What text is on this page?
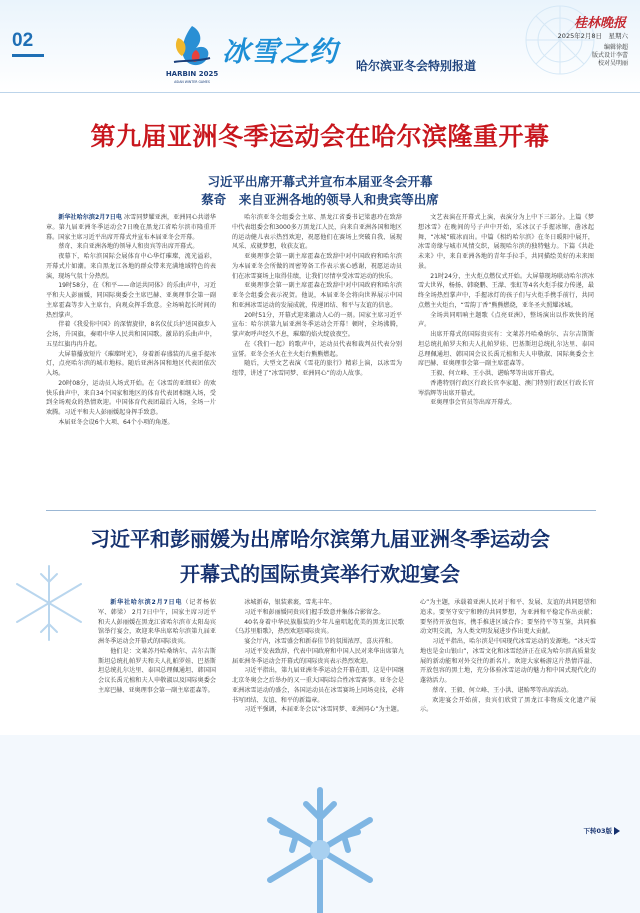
02
HARBIN 2025
ASIAN WINTER GAMES
冰雪之约 哈尔滨亚冬会特别报道
桂林晚报
2025年2月8日　星期六
编辑徐超
版式设计李蕾
校对吴明丽
第九届亚洲冬季运动会在哈尔滨隆重开幕
习近平出席开幕式并宣布本届亚冬会开幕
蔡奇　来自亚洲各地的领导人和贵宾等出席

新华社哈尔滨2月7日电 冰雪同梦耀亚洲，亚洲同心共谱华章。第九届亚洲冬季运动会7日晚在黑龙江省哈尔滨市隆重开幕。国家主席习近平出席开幕式并宣布本届亚冬会开幕。

蔡奇、来自亚洲各地的领导人和贵宾等出席开幕式。

夜幕下，哈尔滨国际会展体育中心华灯璀璨，流光溢彩，开幕式片如潮。来自黑龙江各地的群众带来充满地域特色的表演，现场气氛十分热烈。

19时58分，在《和平——命运共同体》的乐曲声中，习近平和夫人彭丽媛，同国际奥委会主席巴赫、亚奥理事会第一副主席霍森等步入主席台，向观众挥手致意。全场响起长时间的热烈掌声。

伴着《我爱你中国》的深情旋律，8名仪仗兵护送国旗步入会场，升国旗，奏唱中华人民共和国国歌。激昂的乐曲声中，五星红旗冉冉升起。

大屏幕播放短片《璀璨时光》，身着新春盛装的儿童手提冰灯，点亮哈尔滨的城市地标。随后亚洲各国和地区代表团依次入场。

20时08分，运动员入场式开始。在《冰雪的亚细亚》的欢快乐曲声中，来自34个国家和地区的体育代表团相继入场，受到全场观众的热情欢迎。中国体育代表团最后入场，全场一片欢腾。习近平和夫人彭丽媛起身挥手致意。

本届亚冬会设6个大项、64个小项的角逐。

哈尔滨亚冬会组委会主席、黑龙江省委书记梁惠玲在致辞中代表组委会和3000多万黑龙江人民，向来自亚洲各国和地区的运动健儿表示热烈欢迎，祝愿他们在赛场上突破自我、展现风采、成就梦想，收获友谊。

亚奥理事会第一副主席霍森在致辞中对中国政府和哈尔滨为本届亚冬会所做的周密筹备工作表示衷心感谢，祝愿运动员们在冰雪赛场上取得佳绩，让我们尽情享受冰雪运动的快乐。

亚奥理事会第一副主席霍森在致辞中对中国政府和哈尔滨亚冬会组委会表示祝贺。他说，本届亚冬会将向世界展示中国和亚洲冰雪运动的发展成就，传递团结、和平与友谊的信息。

20时51分，开幕式迎来激动人心的一刻。国家主席习近平宣布：哈尔滨第九届亚洲冬季运动会开幕！顿时，全场沸腾，掌声欢呼声经久不息，璀璨的焰火绽放夜空。

在《我们一起》的歌声中，运动员代表和裁判员代表分别宣誓。亚冬会圣火在主火炬台熊熊燃起。

随后，大型文艺表演《雪花的旅行》精彩上演，以冰雪为纽带，讲述了“冰雪同梦、亚洲同心”的动人故事。

文艺表演在开幕式上演，表演分为上中下三部分。上篇《梦想冰雪》在晚间的号子声中开始，采冰汉子手握冰镩，凿冰起舞，“冰城”破冰而出。中篇《相约哈尔滨》在冬日暖阳中展开，冰雪奇缘与城市风情交织，展现哈尔滨的独特魅力。下篇《共赴未来》中，来自亚洲各地的青年手拉手，共同描绘美好的未来图景。

21时24分，主火炬点燃仪式开始。大屏幕现场联动哈尔滨冰雪大世界，杨扬、韩晓鹏、王濛、张虹等4名火炬手接力传递，最终全场热烈掌声中，手握冰灯的孩子们与火炬手携手前行，共同点燃主火炬台，“雪韵丁香”熊熊燃烧，亚冬圣火照耀冰城。

全场共同唱响主题歌《点亮亚洲》，整场演出以作欢快的尾声。

出席开幕式的国际贵宾有：文莱苏丹哈桑纳尔、吉尔吉斯斯坦总统扎帕罗夫和夫人扎帕罗娃、巴基斯坦总统扎尔达里、泰国总理佩通坦、韩国国会议长禹元植和夫人申敬淑、国际奥委会主席巴赫、亚奥理事会第一副主席霍森等。

王毅、何立峰、王小洪、谌贻琴等出席开幕式。

香港特别行政区行政长官李家超、澳门特别行政区行政长官岑浩辉等出席开幕式。

亚奥理事会官员等出席开幕式。

习近平和彭丽媛为出席哈尔滨第九届亚洲冬季运动会
开幕式的国际贵宾举行欢迎宴会

新华社哈尔滨2月7日电（记者杨依军、韩梁） 2月7日中午，国家主席习近平和夫人彭丽媛在黑龙江省哈尔滨市太阳岛宾馆举行宴会，欢迎来华出席哈尔滨第九届亚洲冬季运动会开幕式的国际贵宾。

他们是：文莱苏丹哈桑纳尔、吉尔吉斯斯坦总统扎帕罗夫和夫人扎帕罗娃、巴基斯坦总统扎尔达里、泰国总理佩通坦、韩国国会议长禹元植和夫人申敬淑以及国际奥委会主席巴赫、亚奥理事会第一副主席霍森等。

冰城新春，银装素裹，雪兆丰年。

习近平和彭丽媛同贵宾们握手致意并集体合影留念。

40名身着中华民族服装的少年儿童唱起优美的黑龙江民歌《乌苏里船歌》，热烈欢迎国际贵宾。

宴会厅内，冰雪盛会和新春佳节的氛围浓厚，喜庆祥和。

习近平发表致辞，代表中国政府和中国人民对来华出席第九届亚洲冬季运动会开幕式的国际贵宾表示热烈欢迎。

习近平指出，第九届亚洲冬季运动会开幕在即，这是中国继北京冬奥会之后举办的又一重大国际综合性冰雪赛事。亚冬会是亚洲冰雪运动的盛会，各国运动员在冰雪赛场上同场竞技，必将书写团结、友谊、和平的新篇章。

习近平强调，本届亚冬会以“冰雪同梦、亚洲同心”为主题。

心”为主题，承载着亚洲人民对于和平、发展、友谊的共同愿望和追求。要坚守安宁和睦的共同梦想，为亚洲和平稳定作出贡献；要坚持开放包容，携手推进区域合作；要坚持平等互鉴，共同推动文明交流，为人类文明发展进步作出更大贡献。

习近平指出，哈尔滨是中国现代冰雪运动的发源地。“冰天雪地也是金山银山”，冰雪文化和冰雪经济正在成为哈尔滨高质量发展的新动能和对外交往的新名片。欢迎大家畅游这片热情洋溢、开放包容的黑土地，充分体验冰雪运动的魅力和中国式现代化的蓬勃活力。

蔡奇、王毅、何立峰、王小洪、谌贻琴等出席活动。

欢迎宴会开始前，贵宾们欣赏了黑龙江非物质文化遗产展示。

下转03版
